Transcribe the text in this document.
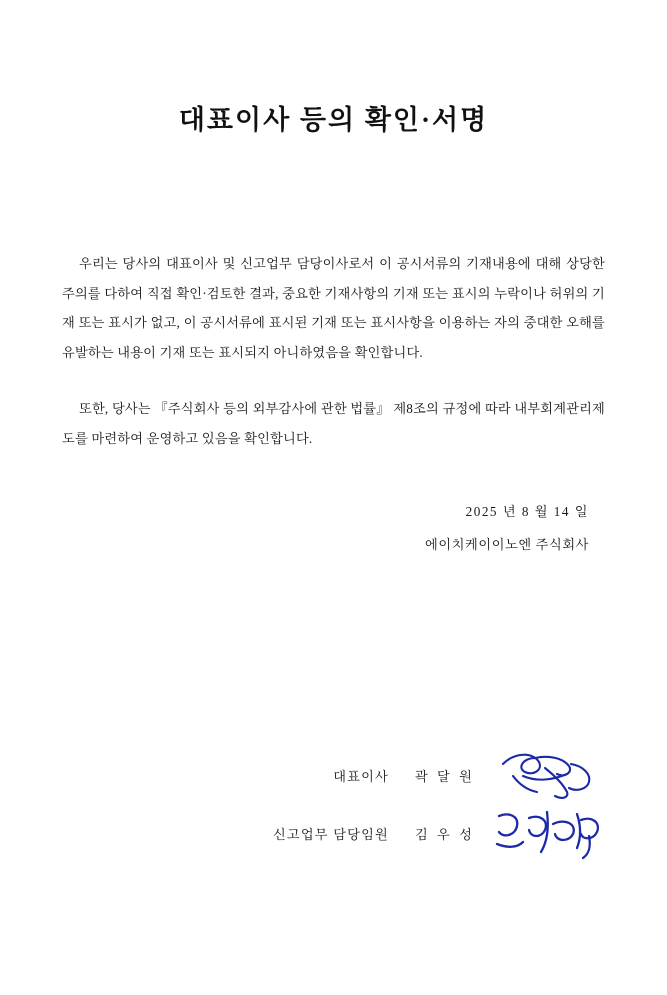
대표이사 등의 확인·서명

우리는 당사의 대표이사 및 신고업무 담당이사로서 이 공시서류의 기재내용에 대해 상당한 주의를 다하여 직접 확인·검토한 결과, 중요한 기재사항의 기재 또는 표시의 누락이나 허위의 기재 또는 표시가 없고, 이 공시서류에 표시된 기재 또는 표시사항을 이용하는 자의 중대한 오해를 유발하는 내용이 기재 또는 표시되지 아니하였음을 확인합니다.

또한, 당사는 『주식회사 등의 외부감사에 관한 법률』 제8조의 규정에 따라 내부회계관리제도를 마련하여 운영하고 있음을 확인합니다.

2025 년 8 월 14 일
에이치케이이노엔 주식회사
대표이사 곽 달 원
신고업무 담당임원 김 우 성
